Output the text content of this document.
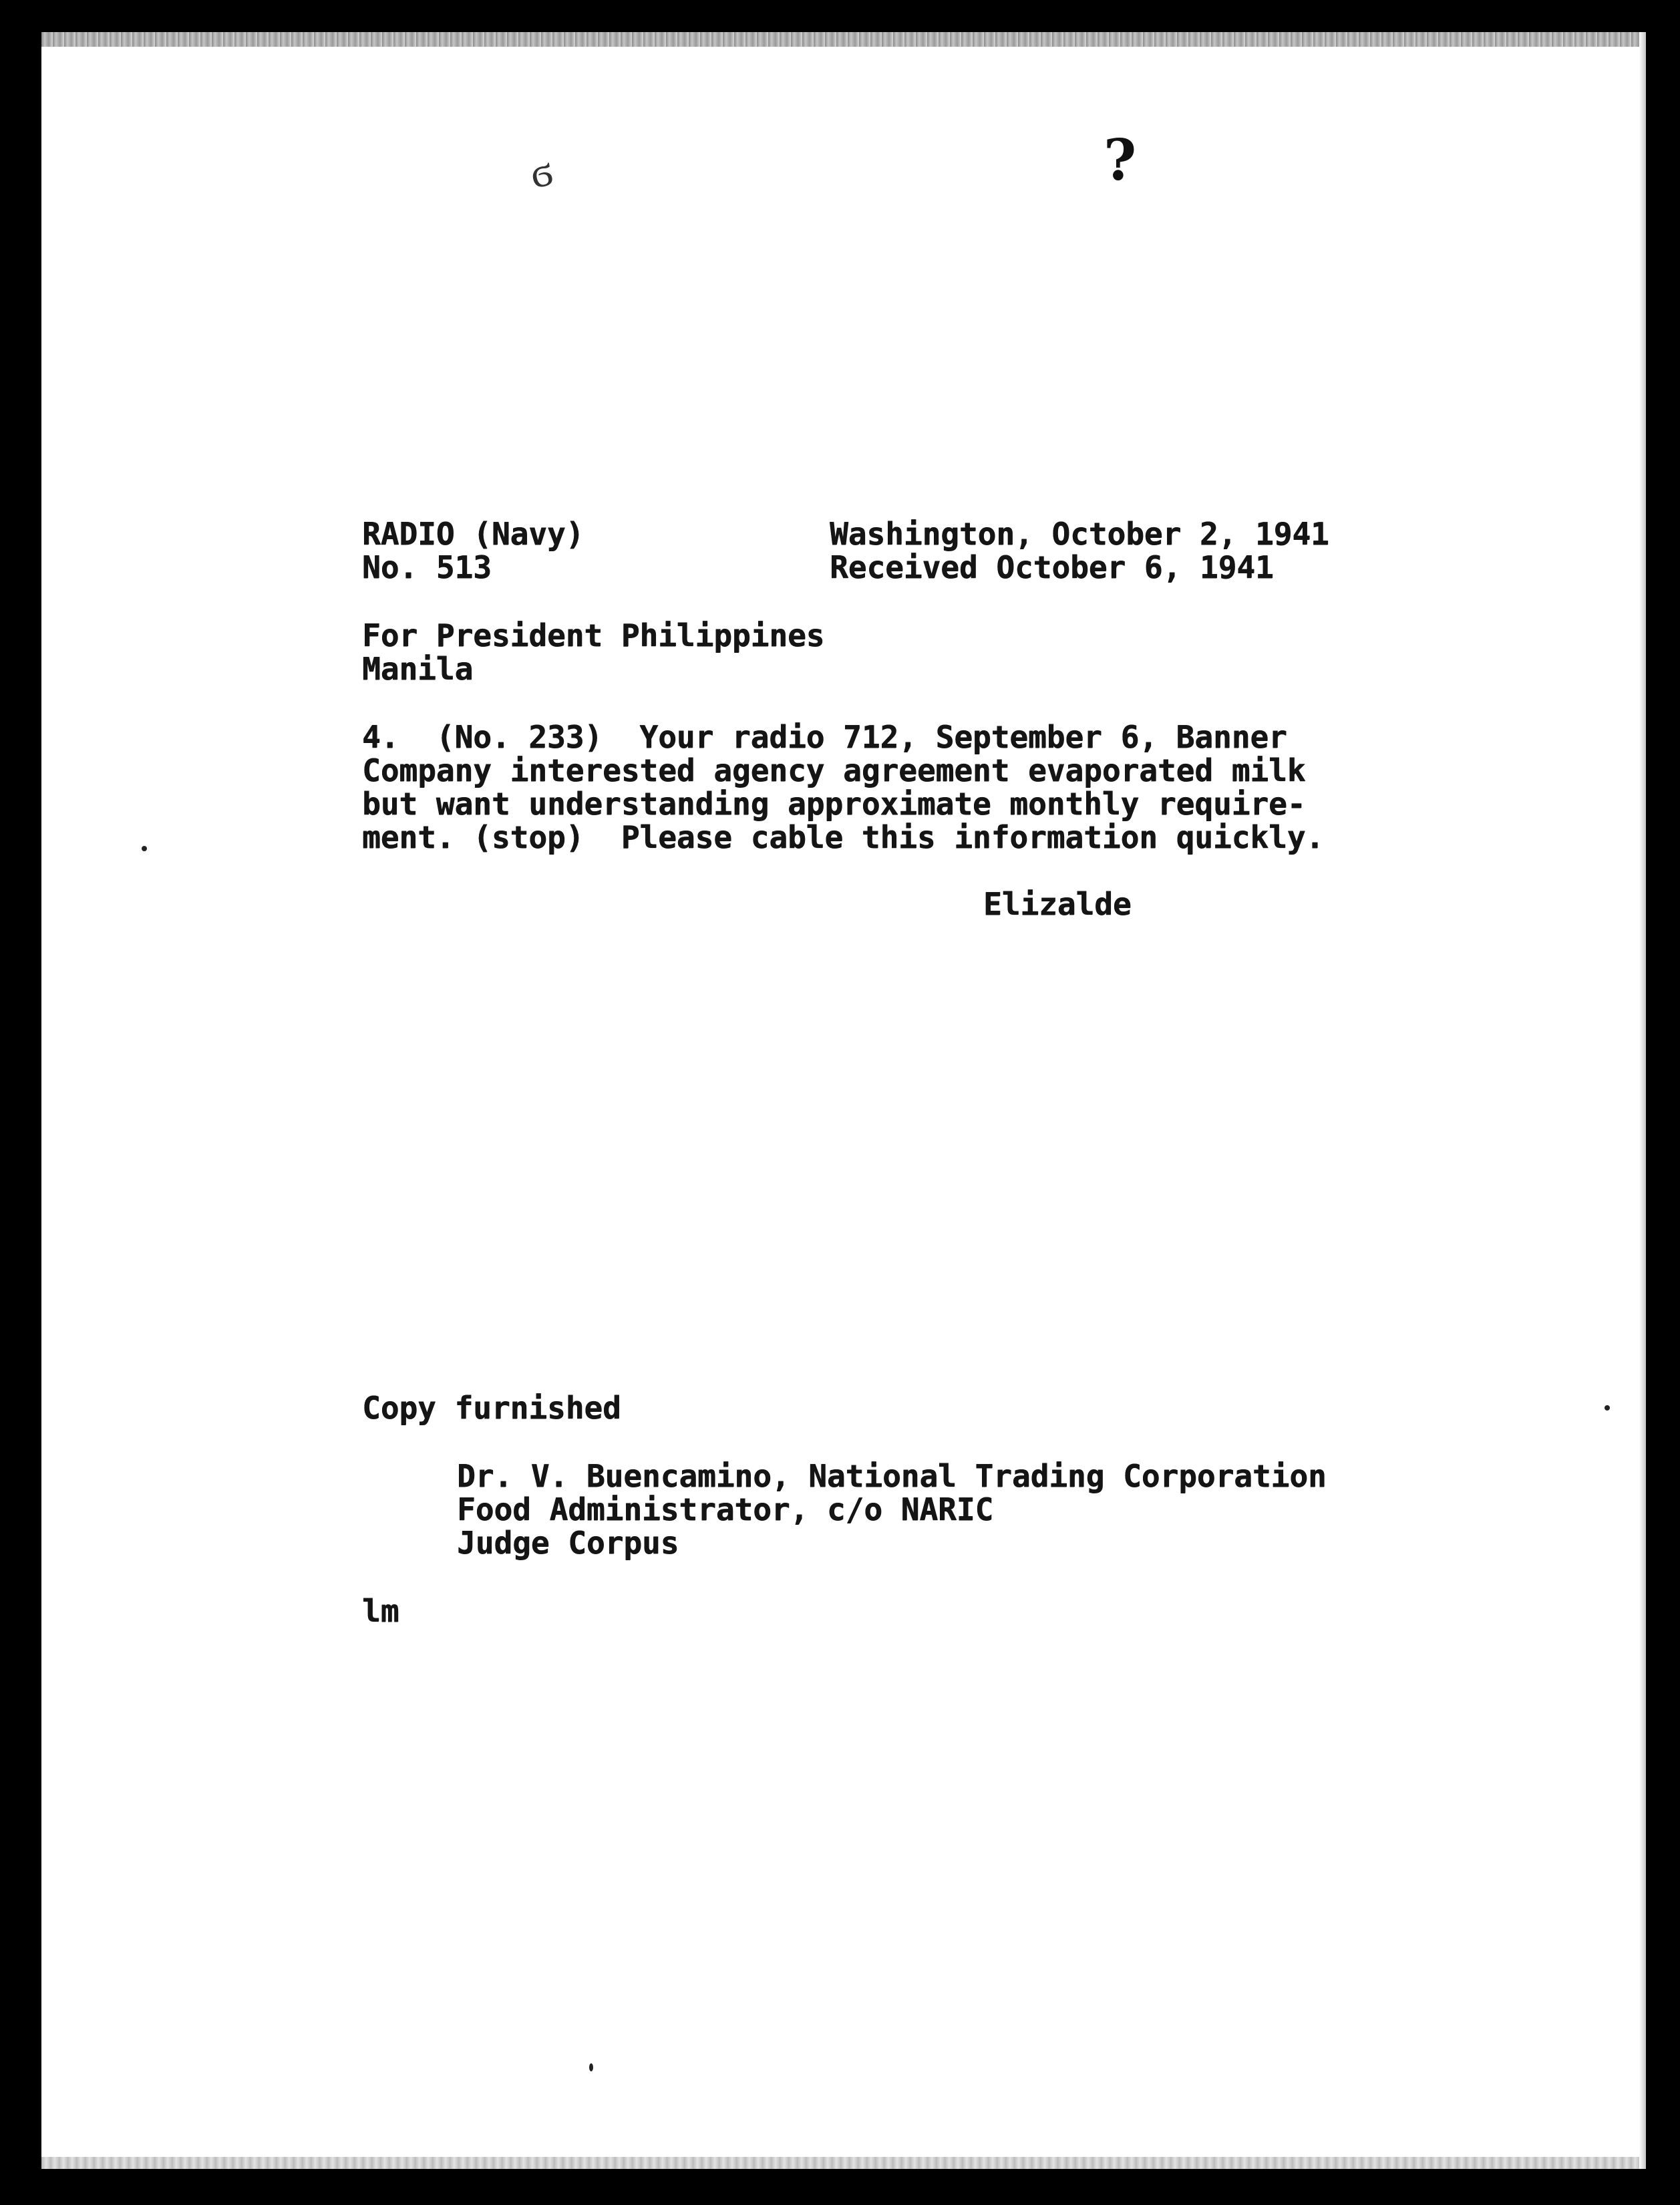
ϭ	?
RADIO (Navy)
No. 513
Washington, October 2, 1941
Received October 6, 1941
For President Philippines
Manila
4.  (No. 233)  Your radio 712, September 6, Banner
Company interested agency agreement evaporated milk
but want understanding approximate monthly require-
ment. (stop)  Please cable this information quickly.
Elizalde
Copy furnished
Dr. V. Buencamino, National Trading Corporation
Food Administrator, c/o NARIC
Judge Corpus
lm
